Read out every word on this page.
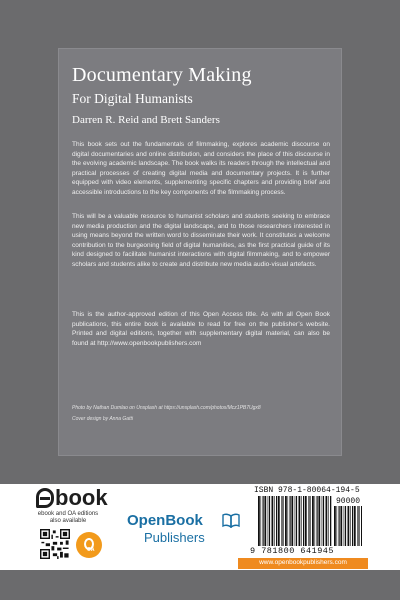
Documentary Making
For Digital Humanists
Darren R. Reid and Brett Sanders

This book sets out the fundamentals of filmmaking, explores academic discourse on digital documentaries and online distribution, and considers the place of this discourse in the evolving academic landscape. The book walks its readers through the intellectual and practical processes of creating digital media and documentary projects. It is further equipped with video elements, supplementing specific chapters and providing brief and accessible introductions to the key components of the filmmaking process.

This will be a valuable resource to humanist scholars and students seeking to embrace new media production and the digital landscape, and to those researchers interested in using means beyond the written word to disseminate their work. It constitutes a welcome contribution to the burgeoning field of digital humanities, as the first practical guide of its kind designed to facilitate humanist interactions with digital filmmaking, and to empower scholars and students alike to create and distribute new media audio-visual artefacts.

This is the author-approved edition of this Open Access title. As with all Open Book publications, this entire book is available to read for free on the publisher’s website. Printed and digital editions, together with supplementary digital material, can also be found at http://www.openbookpublishers.com

Photo by Nathan Dumlao on Unsplash at https://unsplash.com/photos/Mcz1PB7Ugx8
Cover design by Anna Gatti
book
ebook and OA editions
also available
OA
OpenBook
Publishers
ISBN 978-1-80064-194-5
90000
9 781800 641945
www.openbookpublishers.com
